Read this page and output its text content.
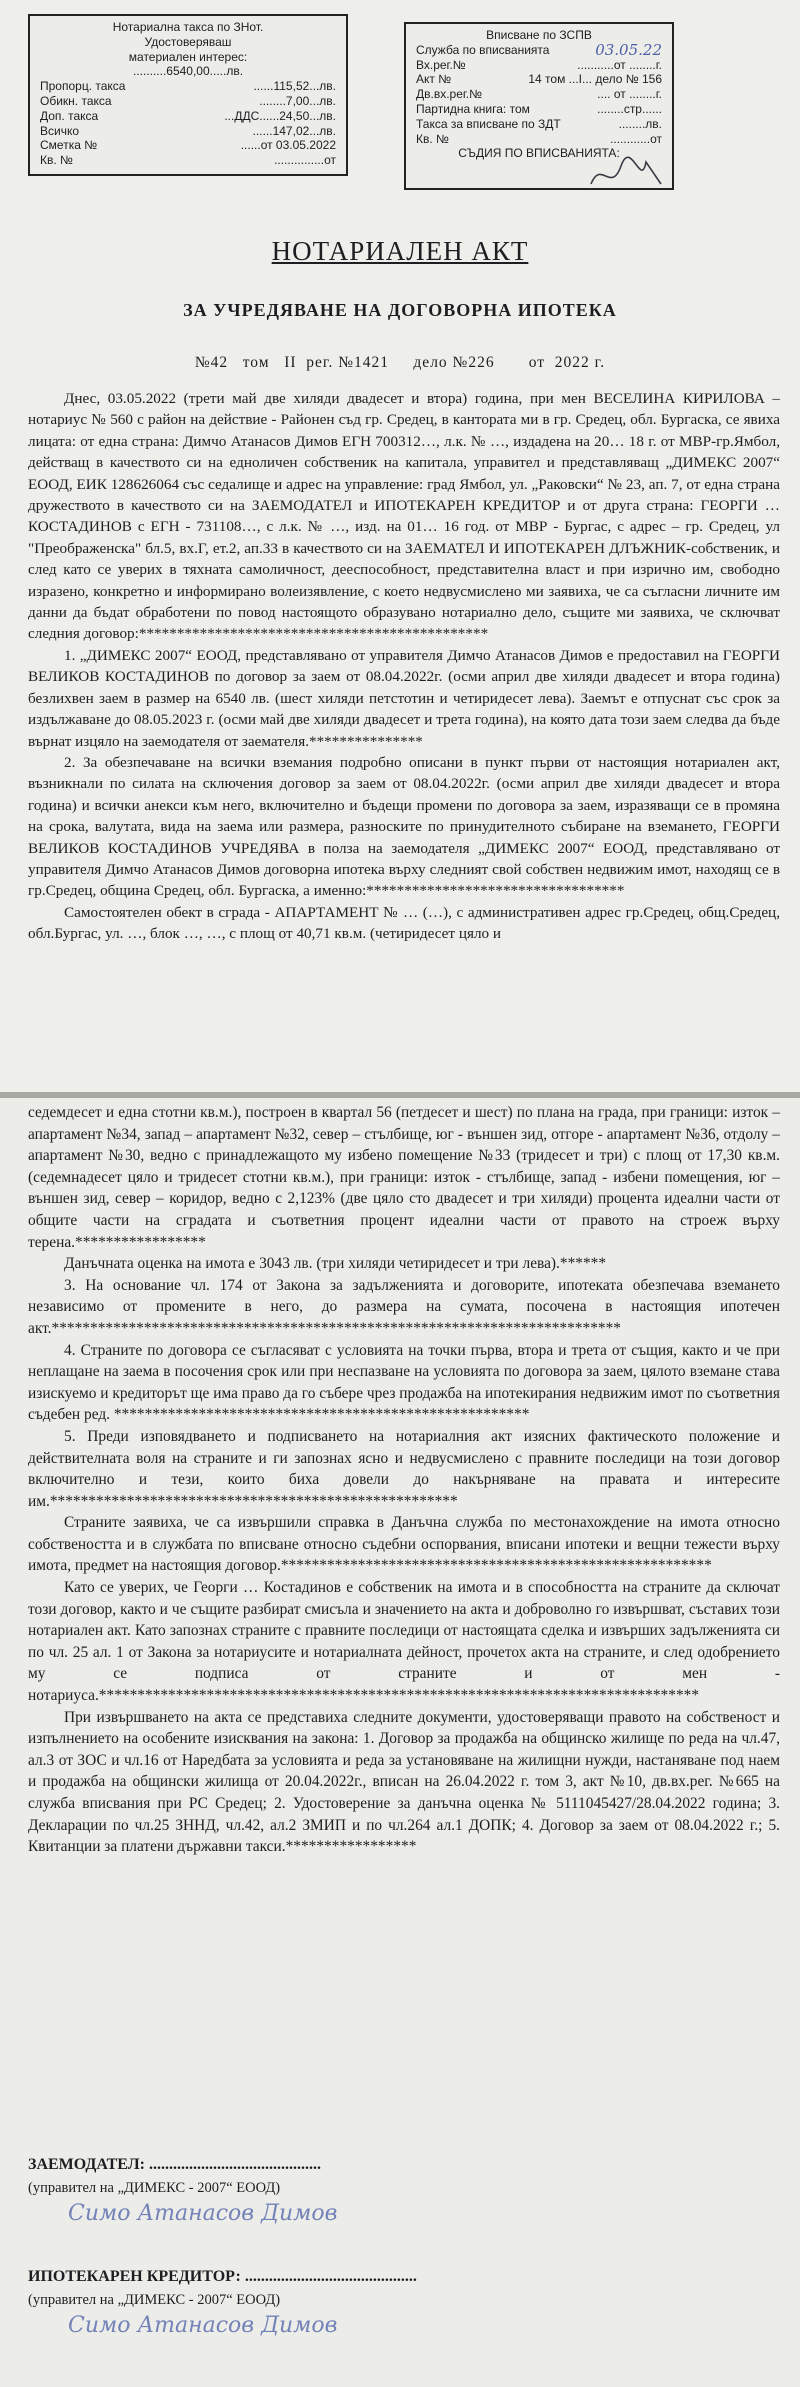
Нотариална такса по ЗНот.
Удостоверяваш
материален интерес:
..........6540,00.....лв.
Пропорц. такса	......115,52...лв.
Обикн. такса	........7,00...лв.
Доп. такса	...ДДС......24,50...лв.
Всичко	......147,02...лв.
Сметка №	......от 03.05.2022
Кв. №	...............от
Вписване по ЗСПВ
Служба по вписванията	03.05.22
Вх.рег.№	...........от ........г.
Акт №	14 том ...I... дело № 156
Дв.вх.рег.№	.... от ........г.
Партидна книга: том	........стр......
Такса за вписване по ЗДТ	........лв.
Кв. №	............от
СЪДИЯ ПО ВПИСВАНИЯТА:
НОТАРИАЛЕН АКТ
ЗА УЧРЕДЯВАНЕ НА ДОГОВОРНА ИПОТЕКА
№42   том   II  рег. №1421     дело №226       от  2022 г.

Днес, 03.05.2022 (трети май две хиляди двадесет и втора) година, при мен ВЕСЕЛИНА КИРИЛОВА – нотариус № 560 с район на действие - Районен съд гр. Средец, в кантората ми в гр. Средец, обл. Бургаска, се явиха лицата: от една страна: Димчо Атанасов Димов ЕГН 700312…, л.к. № …, издадена на 20… 18 г. от МВР-гр.Ямбол, действащ в качеството си на едноличен собственик на капитала, управител и представляващ „ДИМЕКС 2007“ ЕООД, ЕИК 128626064 със седалище и адрес на управление: град Ямбол, ул. „Раковски“ № 23, ап. 7, от една страна дружеството в качеството си на ЗАЕМОДАТЕЛ и ИПОТЕКАРЕН КРЕДИТОР и от друга страна: ГЕОРГИ … КОСТАДИНОВ с ЕГН - 731108…, с л.к. № …, изд. на 01… 16 год. от МВР - Бургас, с адрес – гр. Средец, ул "Преображенска" бл.5, вх.Г, ет.2, ап.33 в качеството си на ЗАЕМАТЕЛ И ИПОТЕКАРЕН ДЛЪЖНИК-собственик, и след като се уверих в тяхната самоличност, дееспособност, представителна власт и при изрично им, свободно изразено, конкретно и информирано волеизявление, с което недвусмислено ми заявиха, че са съгласни личните им данни да бъдат обработени по повод настоящото образувано нотариално дело, същите ми заявиха, че сключват следния договор:**********************************************

1. „ДИМЕКС 2007“ ЕООД, представлявано от управителя Димчо Атанасов Димов е предоставил на ГЕОРГИ ВЕЛИКОВ КОСТАДИНОВ по договор за заем от 08.04.2022г. (осми април две хиляди двадесет и втора година) безлихвен заем в размер на 6540 лв. (шест хиляди петстотин и четиридесет лева). Заемът е отпуснат със срок за издължаване до 08.05.2023 г. (осми май две хиляди двадесет и трета година), на която дата този заем следва да бъде върнат изцяло на заемодателя от заемателя.***************

2. За обезпечаване на всички вземания подробно описани в пункт първи от настоящия нотариален акт, възникнали по силата на сключения договор за заем от 08.04.2022г. (осми април две хиляди двадесет и втора година) и всички анекси към него, включително и бъдещи промени по договора за заем, изразяващи се в промяна на срока, валутата, вида на заема или размера, разноските по принудителното събиране на вземането, ГЕОРГИ ВЕЛИКОВ КОСТАДИНОВ УЧРЕДЯВА в полза на заемодателя „ДИМЕКС 2007“ ЕООД, представлявано от управителя Димчо Атанасов Димов договорна ипотека върху следният свой собствен недвижим имот, находящ се в гр.Средец, община Средец, обл. Бургаска, а именно:**********************************

Самостоятелен обект в сграда - АПАРТАМЕНТ № … (…), с административен адрес гр.Средец, общ.Средец, обл.Бургас, ул. …, блок …, …, с площ от 40,71 кв.м. (четиридесет цяло и

седемдесет и една стотни кв.м.), построен в квартал 56 (петдесет и шест) по плана на града, при граници: изток – апартамент №34, запад – апартамент №32, север – стълбище, юг - външен зид, отгоре - апартамент №36, отдолу – апартамент №30, ведно с принадлежащото му избено помещение №33 (тридесет и три) с площ от 17,30 кв.м. (седемнадесет цяло и тридесет стотни кв.м.), при граници: изток - стълбище, запад - избени помещения, юг – външен зид, север – коридор, ведно с 2,123% (две цяло сто двадесет и три хиляди) процента идеални части от общите части на сградата и съответния процент идеални части от правото на строеж върху терена.*****************

Данъчната оценка на имота е 3043 лв. (три хиляди четиридесет и три лева).******

3. На основание чл. 174 от Закона за задълженията и договорите, ипотеката обезпечава вземането независимо от промените в него, до размера на сумата, посочена в настоящия ипотечен акт.**************************************************************************

4. Страните по договора се съгласяват с условията на точки първа, втора и трета от същия, както и че при неплащане на заема в посочения срок или при неспазване на условията по договора за заем, цялото вземане става изискуемо и кредиторът ще има право да го събере чрез продажба на ипотекирания недвижим имот по съответния съдебен ред. ******************************************************

5. Преди изповядването и подписването на нотариалния акт изясних фактическото положение и действителната воля на страните и ги запознах ясно и недвусмислено с правните последици на този договор включително и тези, които биха довели до накърняване на правата и интересите им.*****************************************************

Страните заявиха, че са извършили справка в Данъчна служба по местонахождение на имота относно собствеността и в службата по вписване относно съдебни оспорвания, вписани ипотеки и вещни тежести върху имота, предмет на настоящия договор.********************************************************

Като се уверих, че Георги … Костадинов е собственик на имота и в способността на страните да сключат този договор, както и че същите разбират смисъла и значението на акта и доброволно го извършват, съставих този нотариален акт. Като запознах страните с правните последици от настоящата сделка и извърших задълженията си по чл. 25 ал. 1 от Закона за нотариусите и нотариалната дейност, прочетох акта на страните, и след одобрението му се подписа от страните и от мен - нотариуса.******************************************************************************

При извършването на акта се представиха следните документи, удостоверяващи правото на собственост и изпълнението на особените изисквания на закона: 1. Договор за продажба на общинско жилище по реда на чл.47, ал.3 от ЗОС и чл.16 от Наредбата за условията и реда за установяване на жилищни нужди, настаняване под наем и продажба на общински жилища от 20.04.2022г., вписан на 26.04.2022 г. том 3, акт №10, дв.вх.рег. №665 на служба вписвания при РС Средец; 2. Удостоверение за данъчна оценка № 5111045427/28.04.2022 година; 3. Декларации по чл.25 ЗННД, чл.42, ал.2 ЗМИП и по чл.264 ал.1 ДОПК; 4. Договор за заем от 08.04.2022 г.; 5. Квитанции за платени държавни такси.*****************

ЗАЕМОДАТЕЛ: ...........................................
(управител на „ДИМЕКС - 2007“ ЕООД)
Симо Атанасов Димов
ИПОТЕКАРЕН КРЕДИТОР: ...........................................
(управител на „ДИМЕКС - 2007“ ЕООД)
Симо Атанасов Димов
